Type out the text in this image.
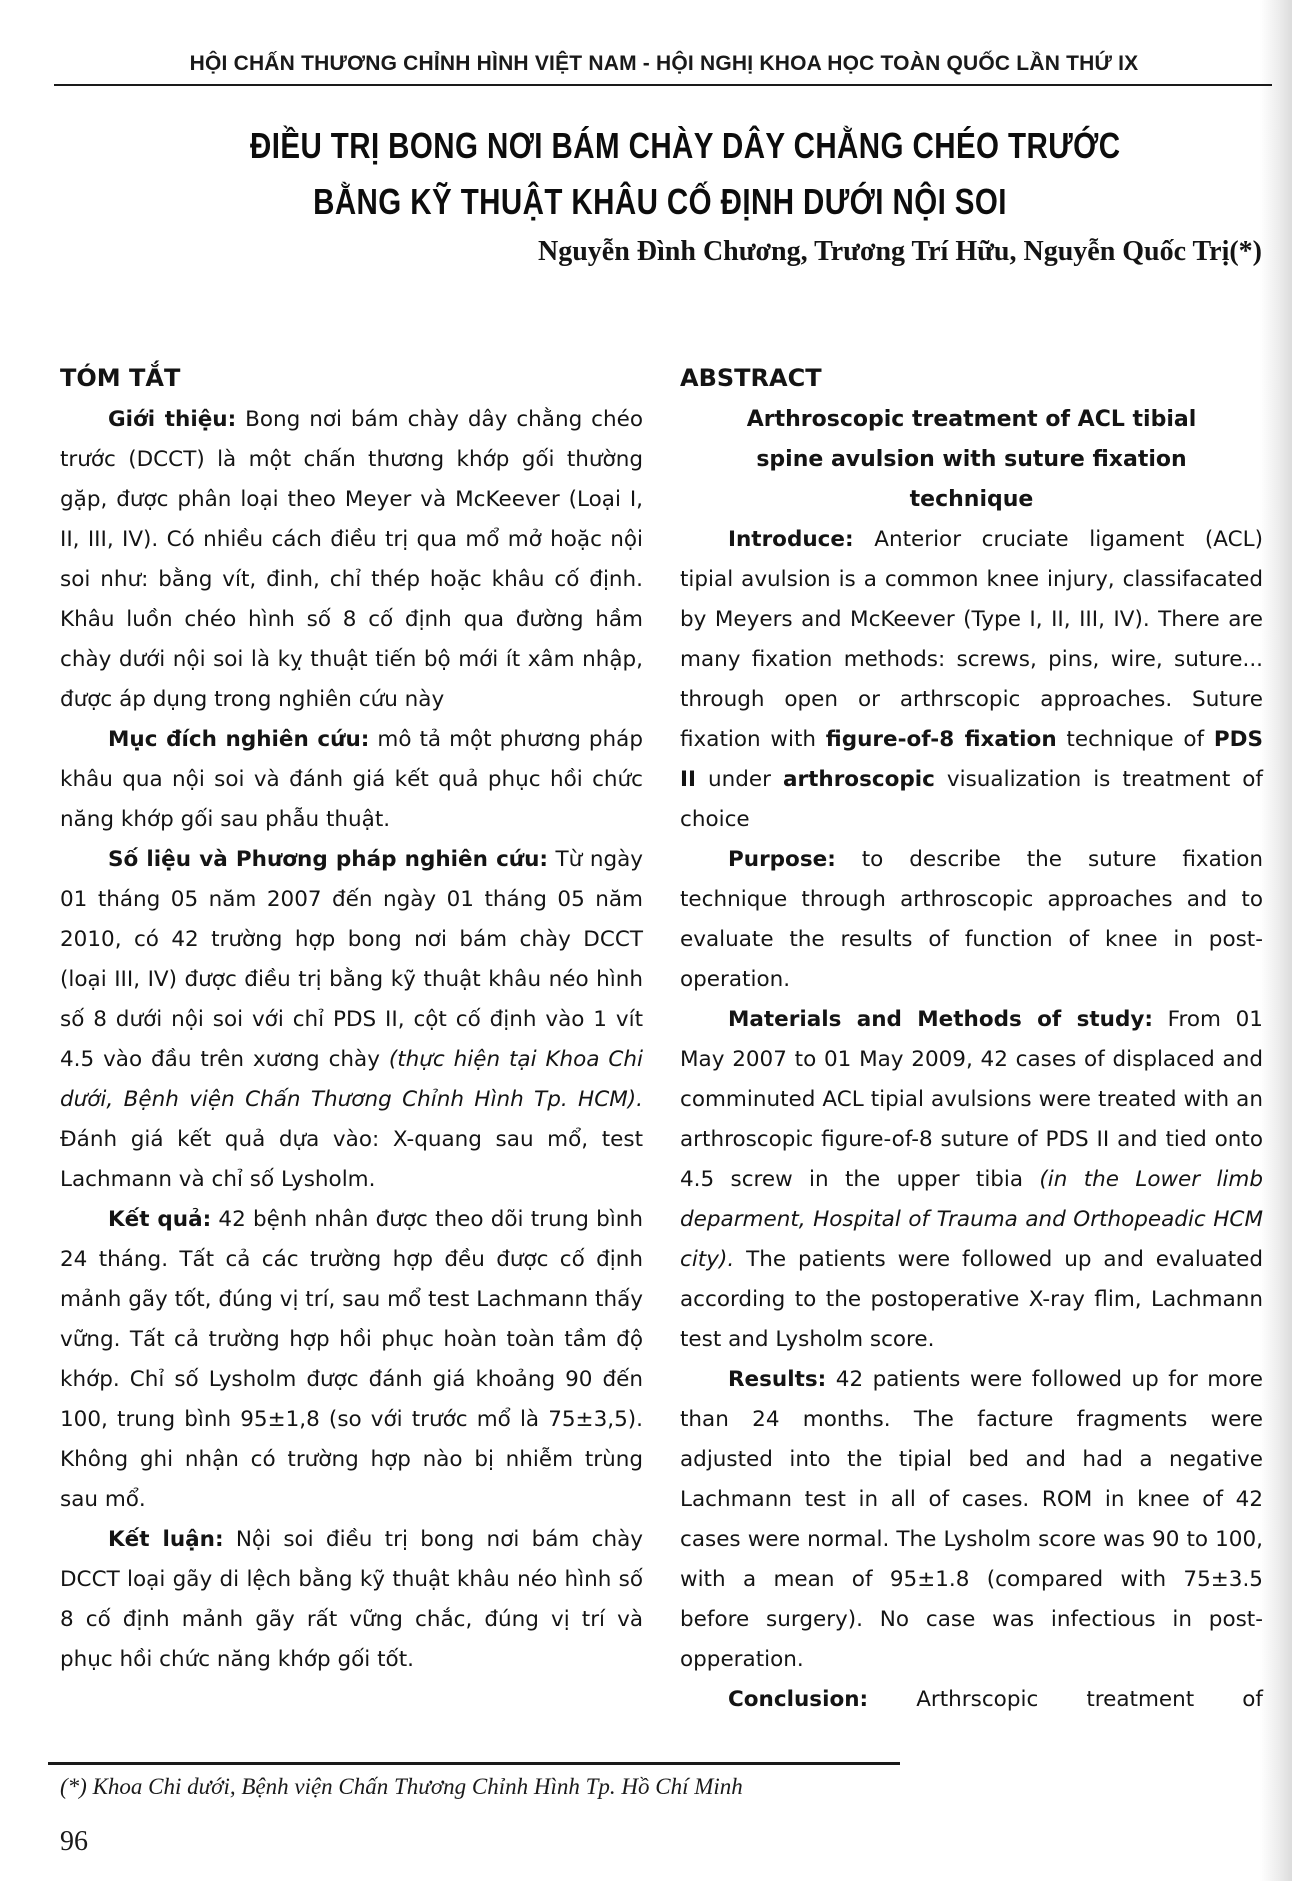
HỘI CHẤN THƯƠNG CHỈNH HÌNH VIỆT NAM - HỘI NGHỊ KHOA HỌC TOÀN QUỐC LẦN THỨ IX
ĐIỀU TRỊ BONG NƠI BÁM CHÀY DÂY CHẰNG CHÉO TRƯỚC
BẰNG KỸ THUẬT KHÂU CỐ ĐỊNH DƯỚI NỘI SOI
Nguyễn Đình Chương, Trương Trí Hữu, Nguyễn Quốc Trị(*)
TÓM TẮT

Giới thiệu: Bong nơi bám chày dây chằng chéo trước (DCCT) là một chấn thương khớp gối thường gặp, được phân loại theo Meyer và McKeever (Loại I, II, III, IV). Có nhiều cách điều trị qua mổ mở hoặc nội soi như: bằng vít, đinh, chỉ thép hoặc khâu cố định. Khâu luồn chéo hình số 8 cố định qua đường hầm chày dưới nội soi là kỵ thuật tiến bộ mới ít xâm nhập, được áp dụng trong nghiên cứu này

Mục đích nghiên cứu: mô tả một phương pháp khâu qua nội soi và đánh giá kết quả phục hồi chức năng khớp gối sau phẫu thuật.

Số liệu và Phương pháp nghiên cứu: Từ ngày 01 tháng 05 năm 2007 đến ngày 01 tháng 05 năm 2010, có 42 trường hợp bong nơi bám chày DCCT (loại III, IV) được điều trị bằng kỹ thuật khâu néo hình số 8 dưới nội soi với chỉ PDS II, cột cố định vào 1 vít 4.5 vào đầu trên xương chày (thực hiện tại Khoa Chi dưới, Bệnh viện Chấn Thương Chỉnh Hình Tp. HCM). Đánh giá kết quả dựa vào: X-quang sau mổ, test Lachmann và chỉ số Lysholm.

Kết quả: 42 bệnh nhân được theo dõi trung bình 24 tháng. Tất cả các trường hợp đều được cố định mảnh gãy tốt, đúng vị trí, sau mổ test Lachmann thấy vững. Tất cả trường hợp hồi phục hoàn toàn tầm độ khớp. Chỉ số Lysholm được đánh giá khoảng 90 đến 100, trung bình 95±1,8 (so với trước mổ là 75±3,5). Không ghi nhận có trường hợp nào bị nhiễm trùng sau mổ.

Kết luận: Nội soi điều trị bong nơi bám chày DCCT loại gãy di lệch bằng kỹ thuật khâu néo hình số 8 cố định mảnh gãy rất vững chắc, đúng vị trí và phục hồi chức năng khớp gối tốt.

ABSTRACT
Arthroscopic treatment of ACL tibial
spine avulsion with suture fixation
technique

Introduce: Anterior cruciate ligament (ACL) tipial avulsion is a common knee injury, classifacated by Meyers and McKeever (Type I, II, III, IV). There are many fixation methods: screws, pins, wire, suture... through open or arthrscopic approaches. Suture fixation with figure-of-8 fixation technique of PDS II under arthroscopic visualization is treatment of choice

Purpose: to describe the suture fixation technique through arthroscopic approaches and to evaluate the results of function of knee in post-operation.

Materials and Methods of study: From 01 May 2007 to 01 May 2009, 42 cases of displaced and comminuted ACL tipial avulsions were treated with an arthroscopic figure-of-8 suture of PDS II and tied onto 4.5 screw in the upper tibia (in the Lower limb deparment, Hospital of Trauma and Orthopeadic HCM city). The patients were followed up and evaluated according to the postoperative X-ray flim, Lachmann test and Lysholm score.

Results: 42 patients were followed up for more than 24 months. The facture fragments were adjusted into the tipial bed and had a negative Lachmann test in all of cases. ROM in knee of 42 cases were normal. The Lysholm score was 90 to 100, with a mean of 95±1.8 (compared with 75±3.5 before surgery). No case was infectious in post-opperation.

Conclusion: Arthrscopic treatment of

(*) Khoa Chi dưới, Bệnh viện Chấn Thương Chỉnh Hình Tp. Hồ Chí Minh
96
